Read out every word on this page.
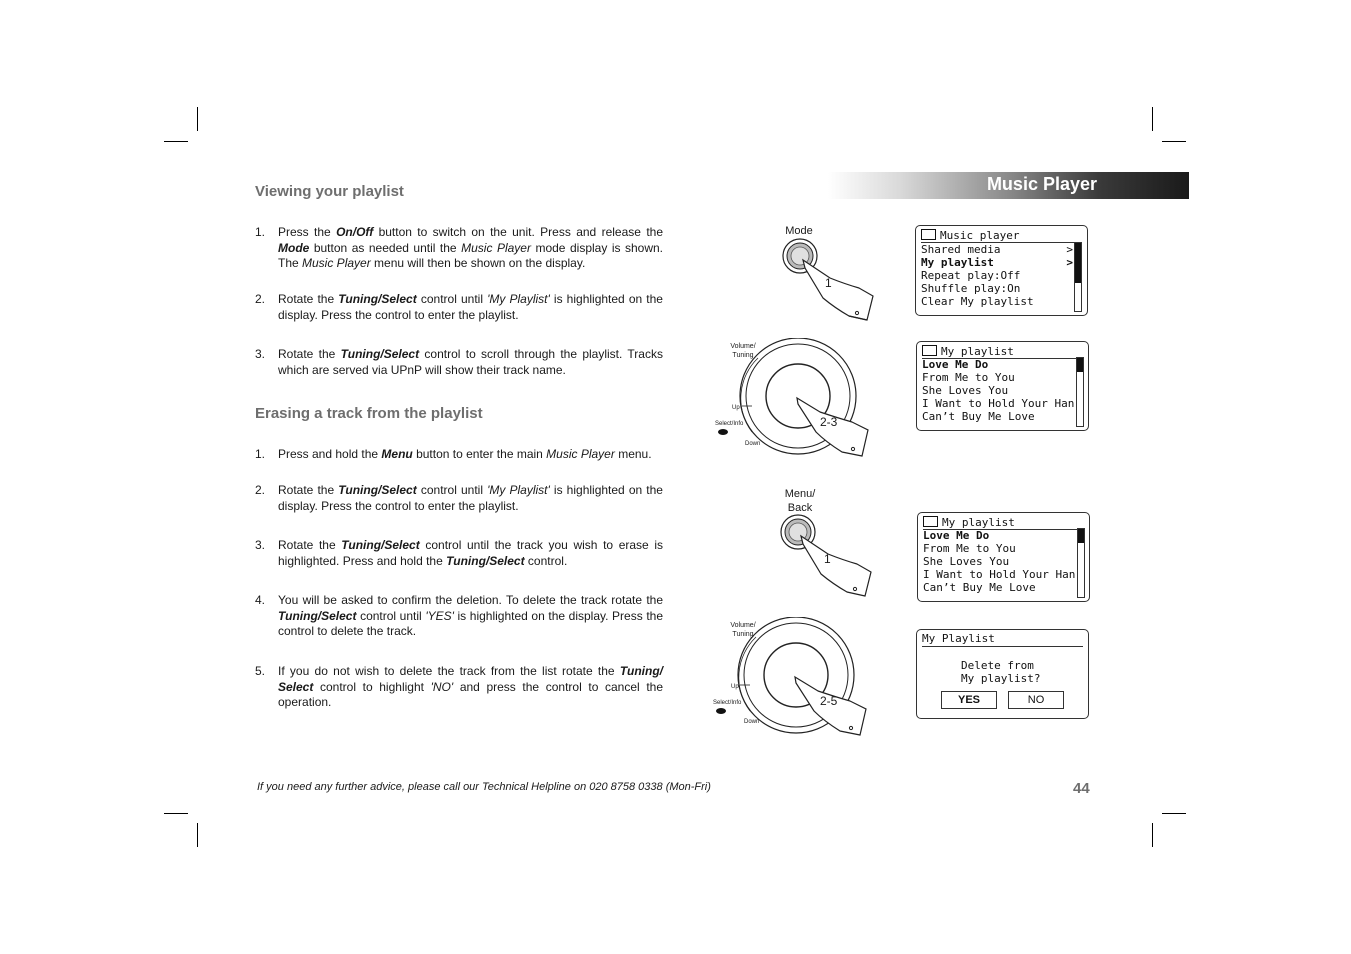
Music Player
Viewing your playlist
1. Press the On/Off button to switch on the unit. Press and release the Mode button as needed until the Music Player mode display is shown. The Music Player menu will then be shown on the display.
2. Rotate the Tuning/Select control until 'My Playlist' is highlighted on the display. Press the control to enter the playlist.
3. Rotate the Tuning/Select control to scroll through the playlist. Tracks which are served via UPnP will show their track name.
Erasing a track from the playlist
1. Press and hold the Menu button to enter the main Music Player menu.
2. Rotate the Tuning/Select control until 'My Playlist' is highlighted on the display. Press the control to enter the playlist.
3. Rotate the Tuning/Select control until the track you wish to erase is highlighted. Press and hold the Tuning/Select control.
4. You will be asked to confirm the deletion. To delete the track rotate the Tuning/Select control until 'YES' is highlighted on the display. Press the control to delete the track.
5. If you do not wish to delete the track from the list rotate the Tuning/ Select control to highlight 'NO' and press the control to cancel the operation.
Mode
1
Volume/
Tuning
Up
Select/Info
Down
2-3
Menu/
Back
1
Volume/
Tuning
Up
Select/Info
Down
2-5
Music player
Shared media	>
My playlist	>
Repeat play:Off
Shuffle play:On
Clear My playlist
My playlist
Love Me Do
From Me to You
She Loves You
I Want to Hold Your Han
Can’t Buy Me Love
My playlist
Love Me Do
From Me to You
She Loves You
I Want to Hold Your Han
Can’t Buy Me Love
My Playlist
Delete from
My playlist?
YES	NO
If you need any further advice, please call our Technical Helpline on 020 8758 0338 (Mon-Fri)	44
